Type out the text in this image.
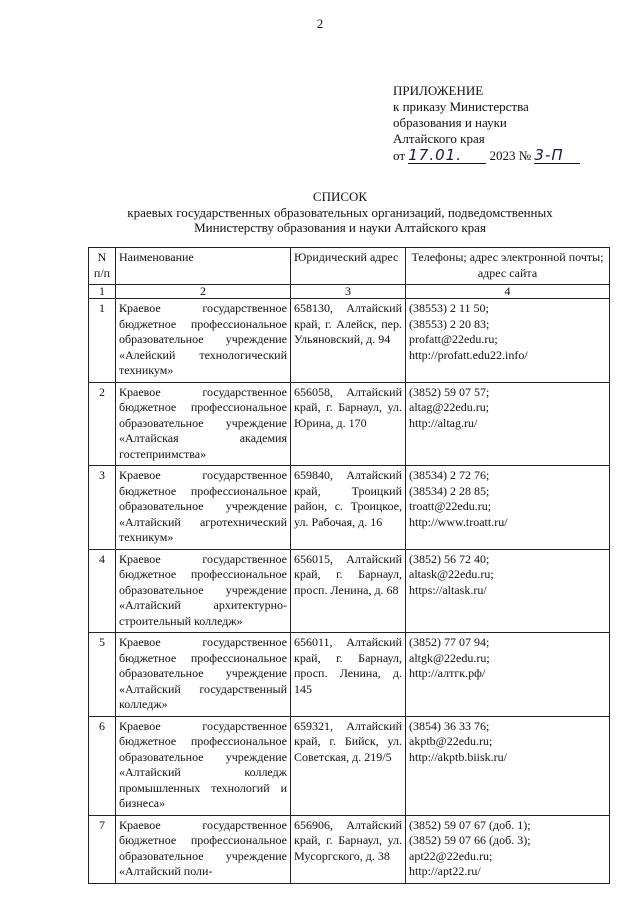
2
ПРИЛОЖЕНИЕ
к приказу Министерства
образования и науки
Алтайского края
от 17.01. 2023 № 3-П
СПИСОК
краевых государственных образовательных организаций, подведомственных Министерству образования и науки Алтайского края
N п/п	Наименование	Юридический адрес	Телефоны; адрес электронной почты; адрес сайта
1	2	3	4
1	Краевое государственное бюджетное профессиональное образовательное учреждение «Алейский технологический техникум»	658130, Алтайский край, г. Алейск, пер. Ульяновский, д. 94	(38553) 2 11 50;
(38553) 2 20 83;
profatt@22edu.ru;
http://profatt.edu22.info/

2	Краевое государственное бюджетное профессиональное образовательное учреждение «Алтайская академия гостеприимства»	656058, Алтайский край, г. Барнаул, ул. Юрина, д. 170	(3852) 59 07 57;
altag@22edu.ru;
http://altag.ru/

3	Краевое государственное бюджетное профессиональное образовательное учреждение «Алтайский агротехнический техникум»	659840, Алтайский край, Троицкий район, с. Троицкое, ул. Рабочая, д. 16	(38534) 2 72 76;
(38534) 2 28 85;
troatt@22edu.ru;
http://www.troatt.ru/

4	Краевое государственное бюджетное профессиональное образовательное учреждение «Алтайский архитектурно-строительный колледж»	656015, Алтайский край, г. Барнаул, просп. Ленина, д. 68	(3852) 56 72 40;
altask@22edu.ru;
https://altask.ru/

5	Краевое государственное бюджетное профессиональное образовательное учреждение «Алтайский государственный колледж»	656011, Алтайский край, г. Барнаул, просп. Ленина, д. 145	(3852) 77 07 94;
altgk@22edu.ru;
http://алтгк.рф/

6	Краевое государственное бюджетное профессиональное образовательное учреждение «Алтайский колледж промышленных технологий и бизнеса»	659321, Алтайский край, г. Бийск, ул. Советская, д. 219/5	(3854) 36 33 76;
akptb@22edu.ru;
http://akptb.biisk.ru/

7	Краевое государственное бюджетное профессиональное образовательное учреждение «Алтайский поли-	656906, Алтайский край, г. Барнаул, ул. Мусоргского, д. 38	(3852) 59 07 67 (доб. 1);
(3852) 59 07 66 (доб. 3);
apt22@22edu.ru;
http://apt22.ru/
